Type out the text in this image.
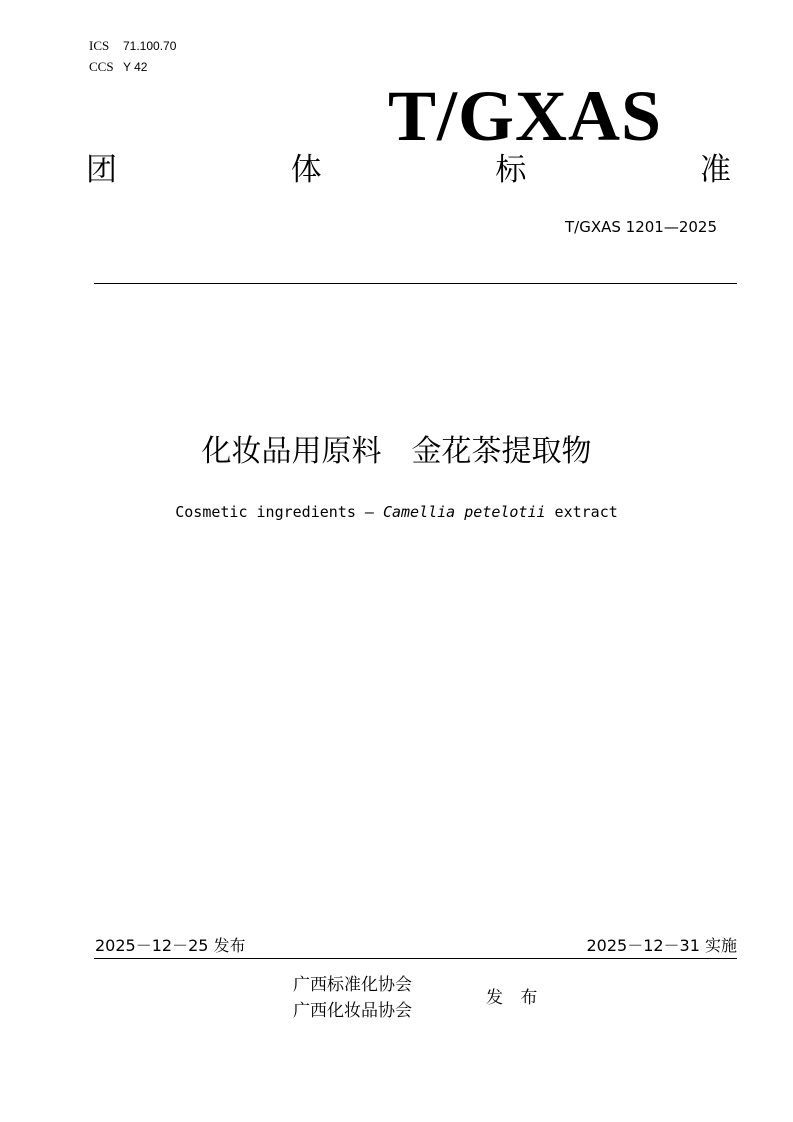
ICS 71.100.70
CCS Y 42
T/GXAS
团	体	标	准
T/GXAS 1201—2025
化妆品用原料　金花茶提取物
Cosmetic ingredients — Camellia petelotii extract
2025－12－25 发布	2025－12－31 实施
广西标准化协会
广西化妆品协会
发 布
